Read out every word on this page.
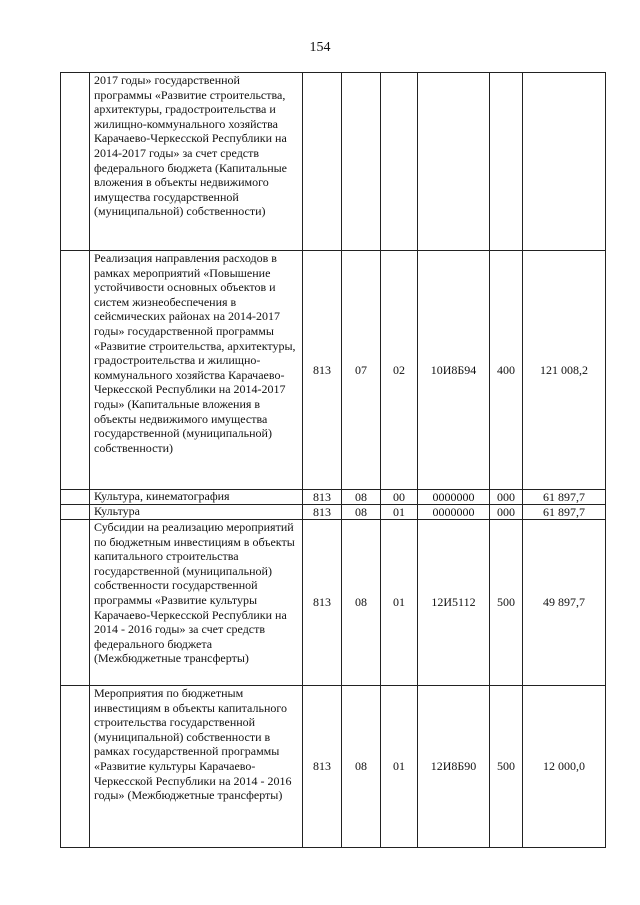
154
	2017 годы» государственной программы «Развитие строительства, архитектуры, градостроительства и жилищно-коммунального хозяйства Карачаево-Черкесской Республики на 2014-2017 годы» за счет средств федерального бюджета (Капитальные вложения в объекты недвижимого имущества государственной (муниципальной) собственности)						
	Реализация направления расходов в рамках мероприятий «Повышение устойчивости основных объектов и систем жизнеобеспечения в сейсмических районах на 2014-2017 годы» государственной программы «Развитие строительства, архитектуры, градостроительства и жилищно-коммунального хозяйства Карачаево-Черкесской Республики на 2014-2017 годы» (Капитальные вложения в объекты недвижимого имущества государственной (муниципальной) собственности)	813	07	02	10И8Б94	400	121 008,2
	Культура, кинематография	813	08	00	0000000	000	61 897,7
	Культура	813	08	01	0000000	000	61 897,7
	Субсидии на реализацию мероприятий по бюджетным инвестициям в объекты капитального строительства государственной (муниципальной) собственности государственной программы «Развитие культуры Карачаево-Черкесской Республики на 2014 - 2016 годы» за счет средств федерального бюджета (Межбюджетные трансферты)	813	08	01	12И5112	500	49 897,7
	Мероприятия по бюджетным инвестициям в объекты капитального строительства государственной (муниципальной) собственности в рамках государственной программы «Развитие культуры Карачаево-Черкесской Республики на 2014 - 2016 годы» (Межбюджетные трансферты)	813	08	01	12И8Б90	500	12 000,0
